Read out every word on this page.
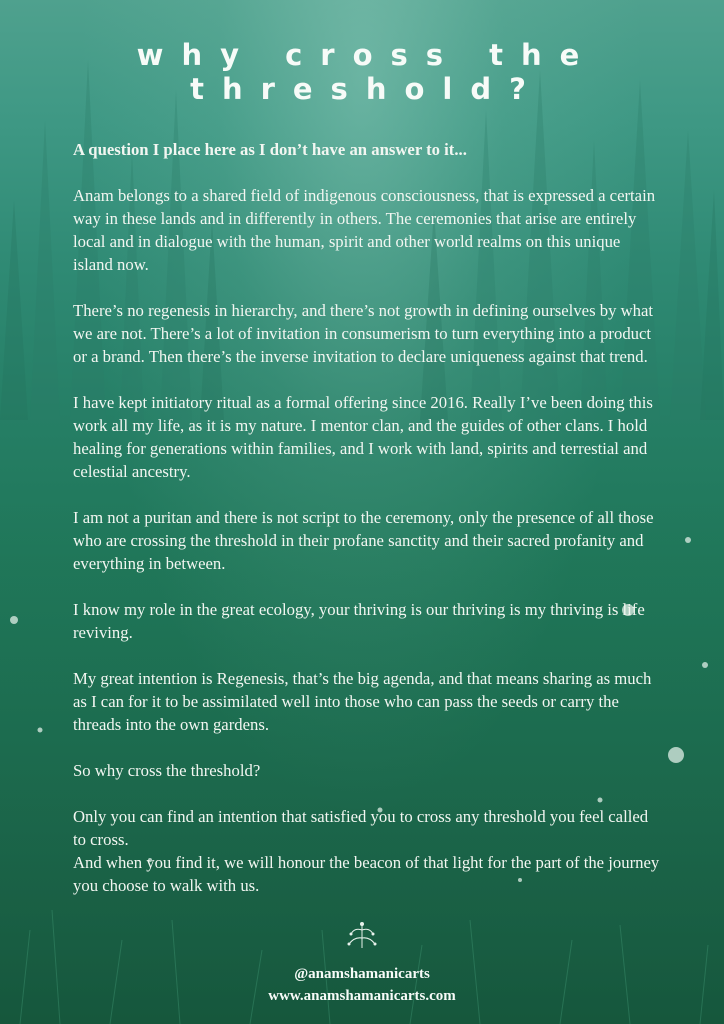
why cross the
threshold?

A question I place here as I don’t have an answer to it...

Anam belongs to a shared field of indigenous consciousness, that is expressed a certain way in these lands and in differently in others. The ceremonies that arise are entirely local and in dialogue with the human, spirit and other world realms on this unique island now.

There’s no regenesis in hierarchy, and there’s not growth in defining ourselves by what we are not. There’s a lot of invitation in consumerism to turn everything into a product or a brand. Then there’s the inverse invitation to declare uniqueness against that trend.

I have kept initiatory ritual as a formal offering since 2016. Really I’ve been doing this work all my life, as it is my nature. I mentor clan, and the guides of other clans. I hold healing for generations within families, and I work with land, spirits and terrestial and celestial ancestry.

I am not a puritan and there is not script to the ceremony, only the presence of all those who are crossing the threshold in their profane sanctity and their sacred profanity and everything in between.

I know my role in the great ecology, your thriving is our thriving is my thriving is life reviving.

My great intention is Regenesis, that’s the big agenda, and that means sharing as much as I can for it to be assimilated well into those who can pass the seeds or carry the threads into the own gardens.

So why cross the threshold?

Only you can find an intention that satisfied you to cross any threshold you feel called to cross.
And when you find it, we will honour the beacon of that light for the part of the journey you choose to walk with us.

@anamshamanicarts
www.anamshamanicarts.com
